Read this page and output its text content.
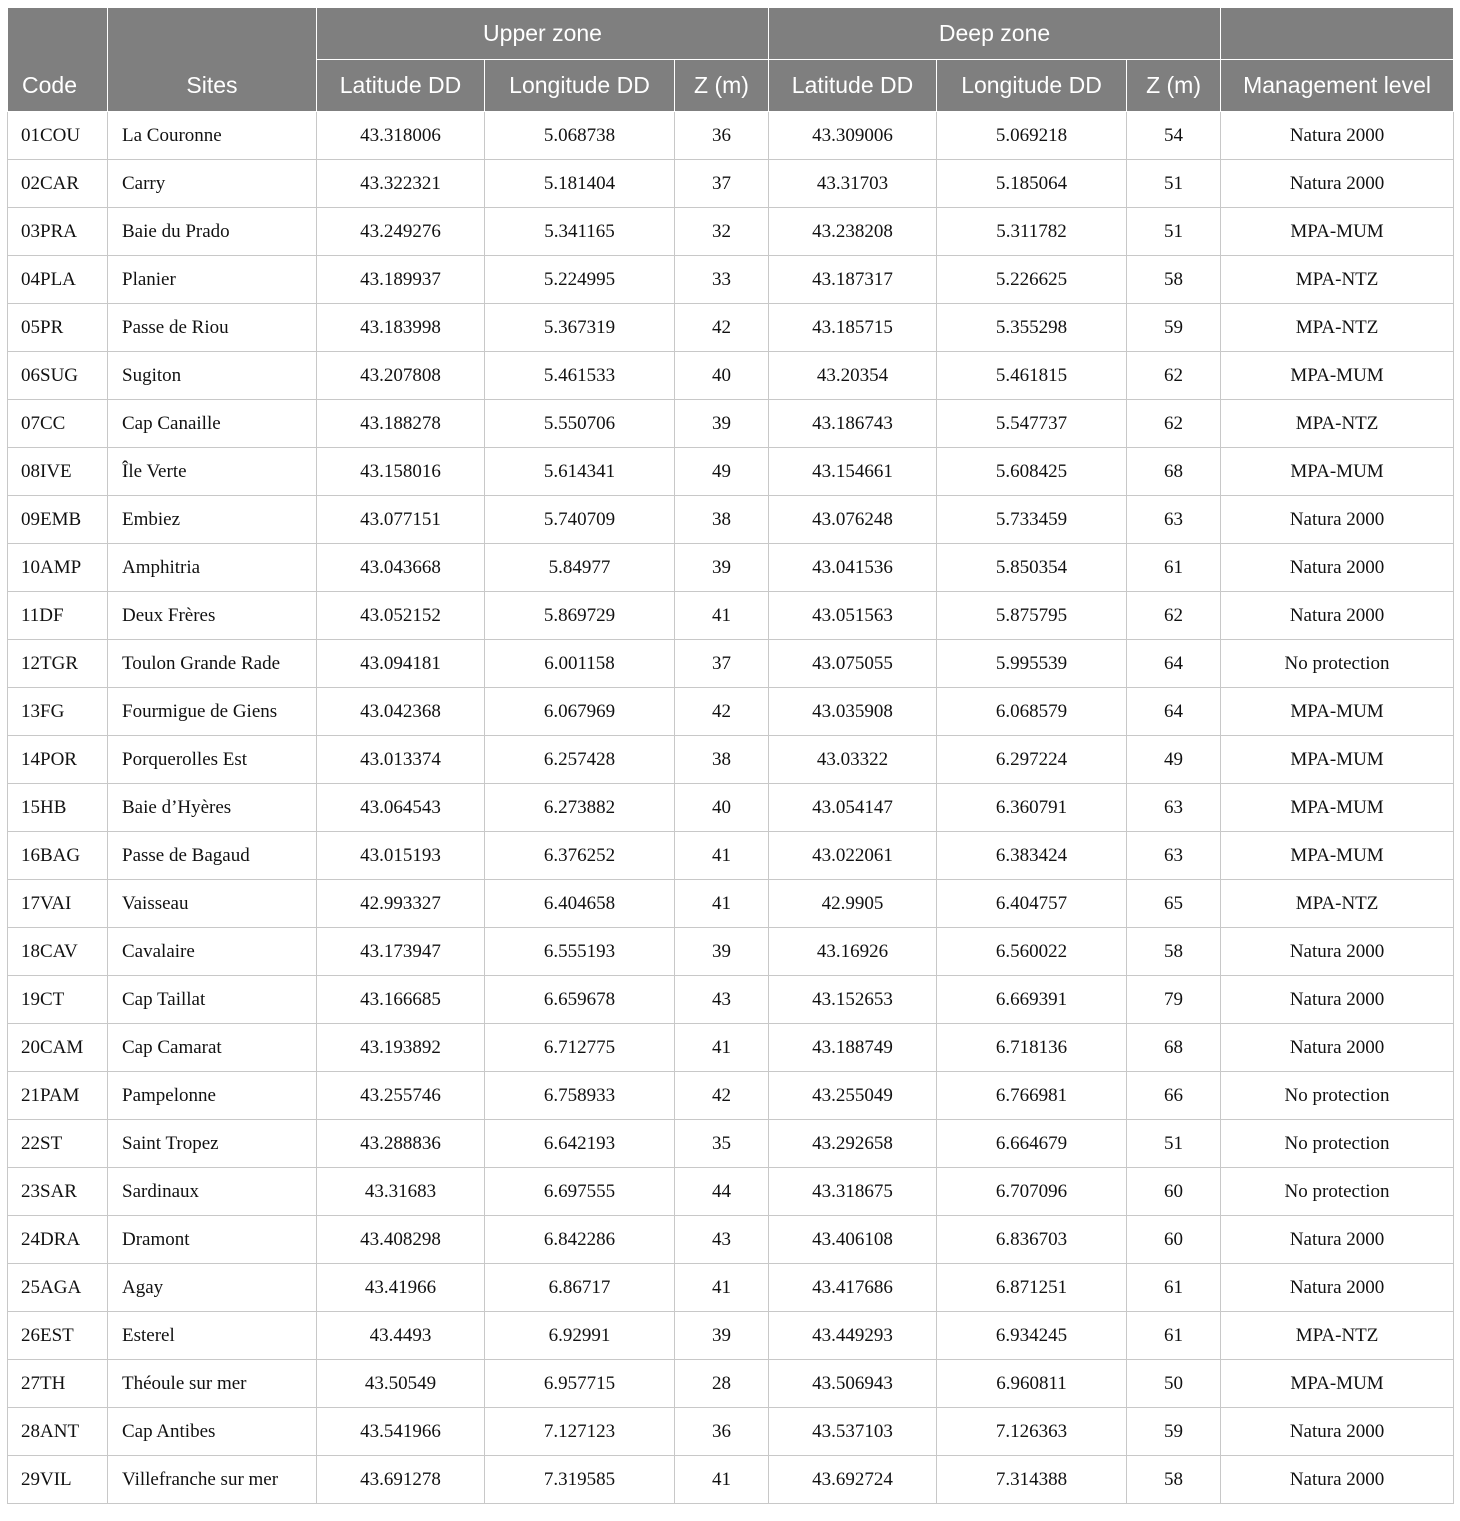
Code	Sites	Upper zone			Deep zone			
		Latitude DD	Longitude DD	Z (m)	Latitude DD	Longitude DD	Z (m)	Management level
01COU	La Couronne	43.318006	5.068738	36	43.309006	5.069218	54	Natura 2000
02CAR	Carry	43.322321	5.181404	37	43.31703	5.185064	51	Natura 2000
03PRA	Baie du Prado	43.249276	5.341165	32	43.238208	5.311782	51	MPA-MUM
04PLA	Planier	43.189937	5.224995	33	43.187317	5.226625	58	MPA-NTZ
05PR	Passe de Riou	43.183998	5.367319	42	43.185715	5.355298	59	MPA-NTZ
06SUG	Sugiton	43.207808	5.461533	40	43.20354	5.461815	62	MPA-MUM
07CC	Cap Canaille	43.188278	5.550706	39	43.186743	5.547737	62	MPA-NTZ
08IVE	Île Verte	43.158016	5.614341	49	43.154661	5.608425	68	MPA-MUM
09EMB	Embiez	43.077151	5.740709	38	43.076248	5.733459	63	Natura 2000
10AMP	Amphitria	43.043668	5.84977	39	43.041536	5.850354	61	Natura 2000
11DF	Deux Frères	43.052152	5.869729	41	43.051563	5.875795	62	Natura 2000
12TGR	Toulon Grande Rade	43.094181	6.001158	37	43.075055	5.995539	64	No protection
13FG	Fourmigue de Giens	43.042368	6.067969	42	43.035908	6.068579	64	MPA-MUM
14POR	Porquerolles Est	43.013374	6.257428	38	43.03322	6.297224	49	MPA-MUM
15HB	Baie d’Hyères	43.064543	6.273882	40	43.054147	6.360791	63	MPA-MUM
16BAG	Passe de Bagaud	43.015193	6.376252	41	43.022061	6.383424	63	MPA-MUM
17VAI	Vaisseau	42.993327	6.404658	41	42.9905	6.404757	65	MPA-NTZ
18CAV	Cavalaire	43.173947	6.555193	39	43.16926	6.560022	58	Natura 2000
19CT	Cap Taillat	43.166685	6.659678	43	43.152653	6.669391	79	Natura 2000
20CAM	Cap Camarat	43.193892	6.712775	41	43.188749	6.718136	68	Natura 2000
21PAM	Pampelonne	43.255746	6.758933	42	43.255049	6.766981	66	No protection
22ST	Saint Tropez	43.288836	6.642193	35	43.292658	6.664679	51	No protection
23SAR	Sardinaux	43.31683	6.697555	44	43.318675	6.707096	60	No protection
24DRA	Dramont	43.408298	6.842286	43	43.406108	6.836703	60	Natura 2000
25AGA	Agay	43.41966	6.86717	41	43.417686	6.871251	61	Natura 2000
26EST	Esterel	43.4493	6.92991	39	43.449293	6.934245	61	MPA-NTZ
27TH	Théoule sur mer	43.50549	6.957715	28	43.506943	6.960811	50	MPA-MUM
28ANT	Cap Antibes	43.541966	7.127123	36	43.537103	7.126363	59	Natura 2000
29VIL	Villefranche sur mer	43.691278	7.319585	41	43.692724	7.314388	58	Natura 2000
